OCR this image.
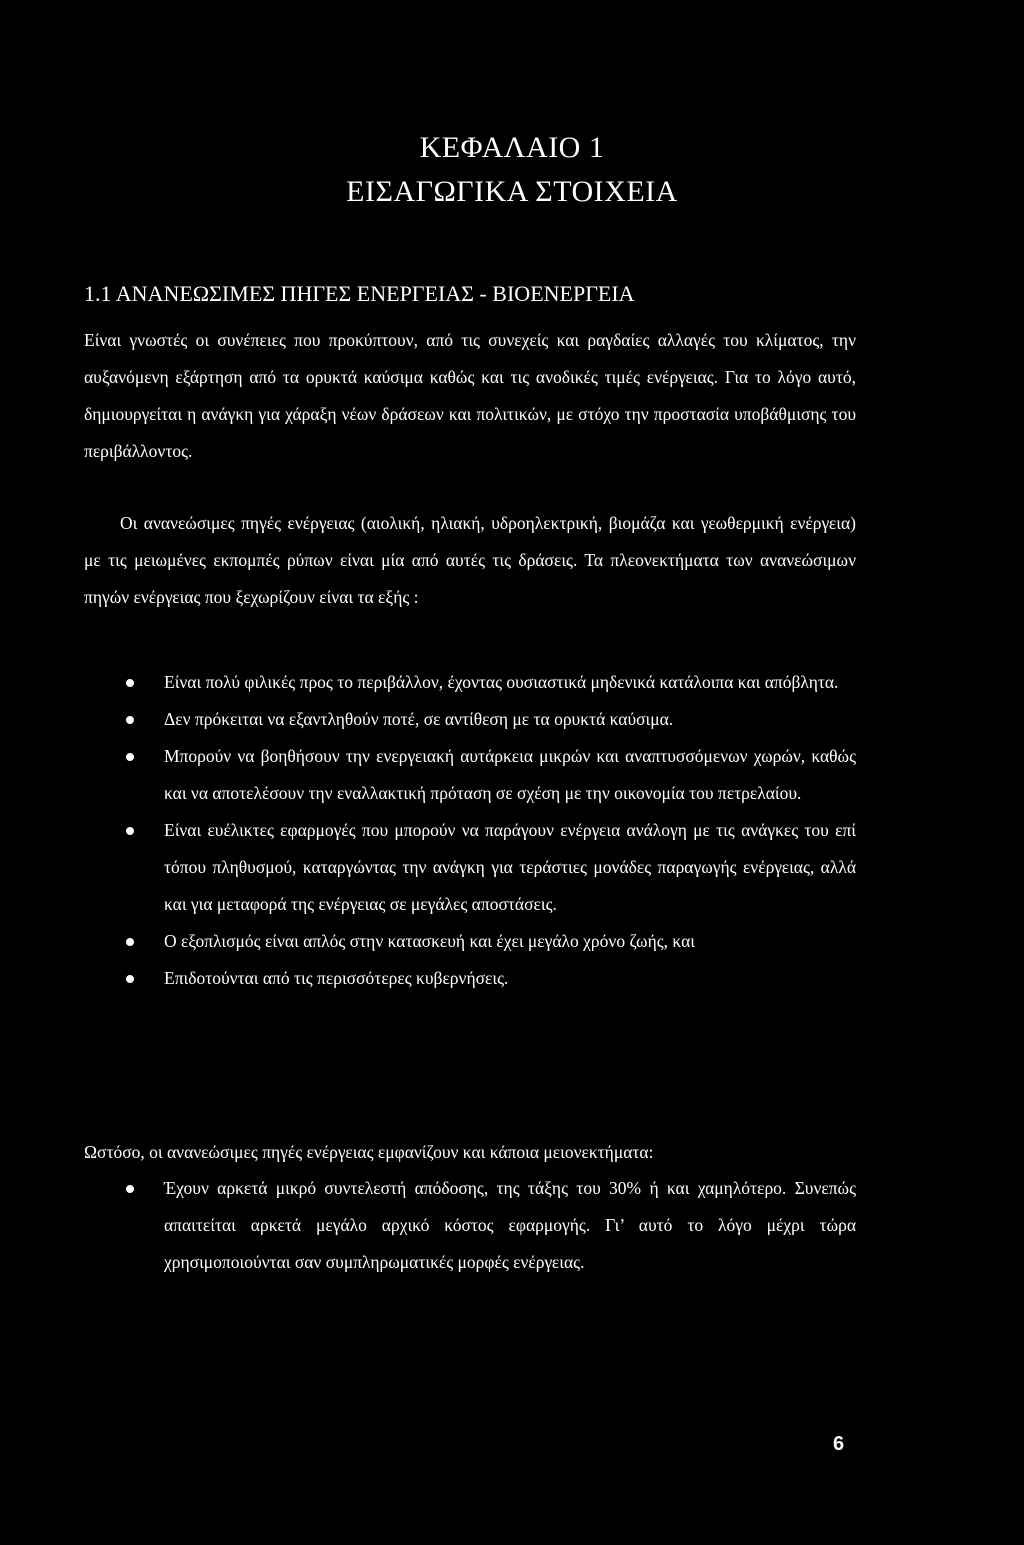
ΚΕΦΑΛΑΙΟ 1
ΕΙΣΑΓΩΓΙΚΑ ΣΤΟΙΧΕΙΑ
1.1 ΑΝΑΝΕΩΣΙΜΕΣ ΠΗΓΕΣ ΕΝΕΡΓΕΙΑΣ - ΒΙΟΕΝΕΡΓΕΙΑ
Είναι γνωστές οι συνέπειες που προκύπτουν, από τις συνεχείς και ραγδαίες αλλαγές του κλίματος, την αυξανόμενη εξάρτηση από τα ορυκτά καύσιμα καθώς και τις ανοδικές τιμές ενέργειας. Για το λόγο αυτό, δημιουργείται η ανάγκη για χάραξη νέων δράσεων και πολιτικών, με στόχο την προστασία υποβάθμισης του περιβάλλοντος.
Οι ανανεώσιμες πηγές ενέργειας (αιολική, ηλιακή, υδροηλεκτρική, βιομάζα και γεωθερμική ενέργεια) με τις μειωμένες εκπομπές ρύπων είναι μία από αυτές τις δράσεις. Τα πλεονεκτήματα των ανανεώσιμων πηγών ενέργειας που ξεχωρίζουν είναι τα εξής :
Είναι πολύ φιλικές προς το περιβάλλον, έχοντας ουσιαστικά μηδενικά κατάλοιπα και απόβλητα.
Δεν πρόκειται να εξαντληθούν ποτέ, σε αντίθεση με τα ορυκτά καύσιμα.
Μπορούν να βοηθήσουν την ενεργειακή αυτάρκεια μικρών και αναπτυσσόμενων χωρών, καθώς και να αποτελέσουν την εναλλακτική πρόταση σε σχέση με την οικονομία του πετρελαίου.
Είναι ευέλικτες εφαρμογές που μπορούν να παράγουν ενέργεια ανάλογη με τις ανάγκες του επί τόπου πληθυσμού, καταργώντας την ανάγκη για τεράστιες μονάδες παραγωγής ενέργειας, αλλά και για μεταφορά της ενέργειας σε μεγάλες αποστάσεις.
Ο εξοπλισμός είναι απλός στην κατασκευή και έχει μεγάλο χρόνο ζωής, και
Επιδοτούνται από τις περισσότερες κυβερνήσεις.
Ωστόσο, οι ανανεώσιμες πηγές ενέργειας εμφανίζουν και κάποια μειονεκτήματα:
Έχουν αρκετά μικρό συντελεστή απόδοσης, της τάξης του 30% ή και χαμηλότερο. Συνεπώς απαιτείται αρκετά μεγάλο αρχικό κόστος εφαρμογής. Γι’ αυτό το λόγο μέχρι τώρα χρησιμοποιούνται σαν συμπληρωματικές μορφές ενέργειας.
6
